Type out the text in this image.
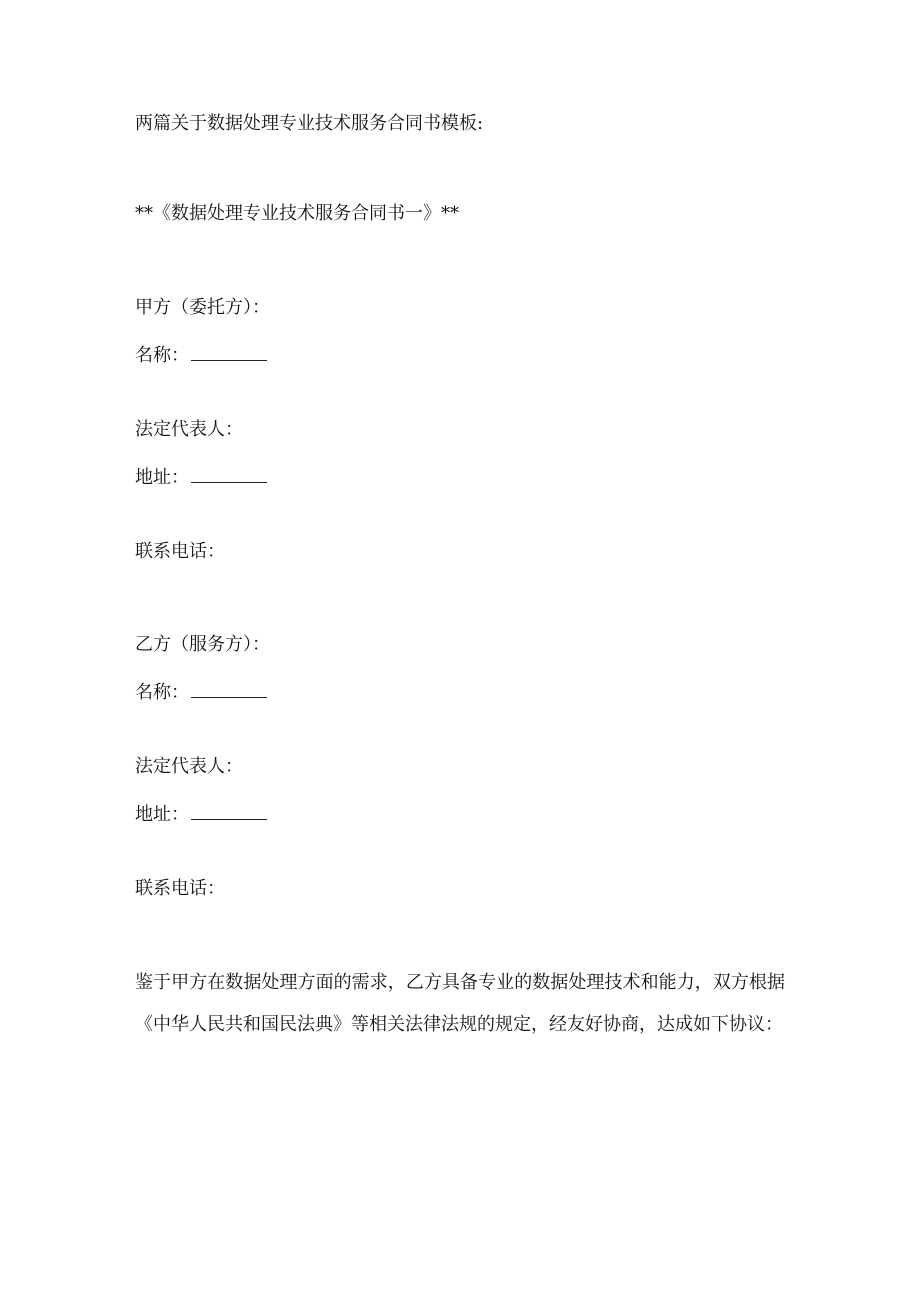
两篇关于数据处理专业技术服务合同书模板:
**《数据处理专业技术服务合同书一》**
甲方（委托方）：
名称：
法定代表人：
地址：
联系电话：
乙方（服务方）：
名称：
法定代表人：
地址：
联系电话：
鉴于甲方在数据处理方面的需求，乙方具备专业的数据处理技术和能力，双方根据《中华人民共和国民法典》等相关法律法规的规定，经友好协商，达成如下协议：
